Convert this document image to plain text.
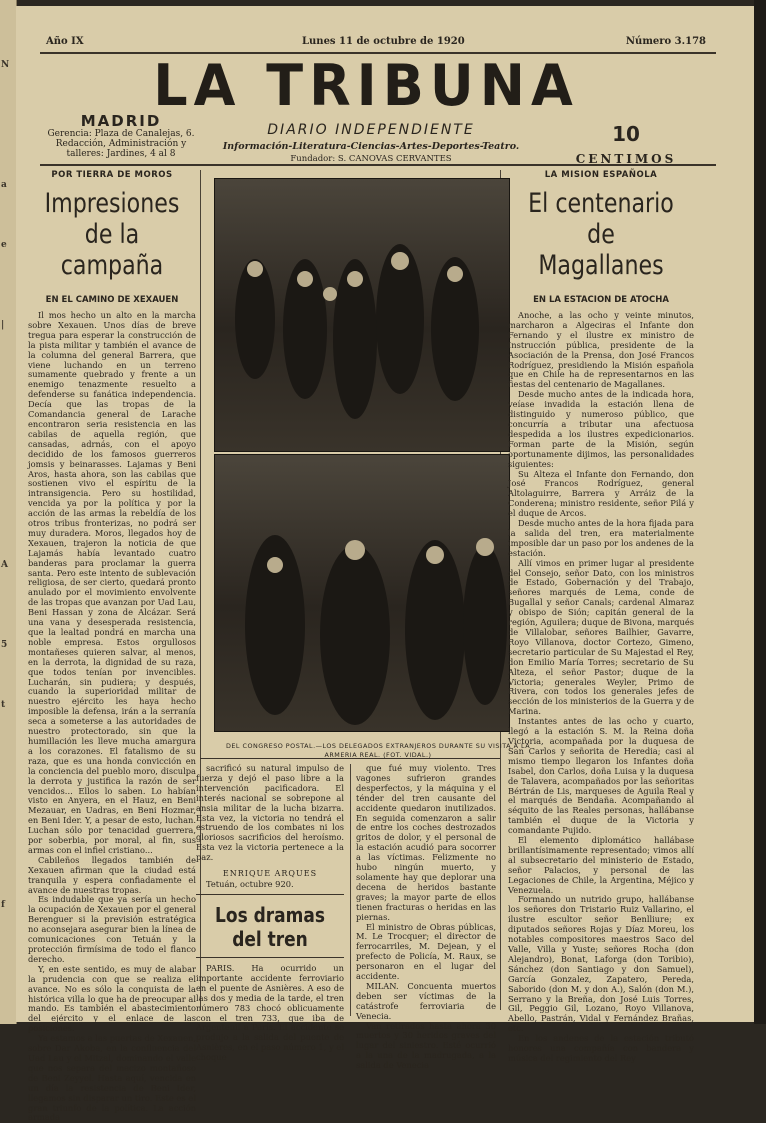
N
a
e
|
A
5
t
f
Año IX	Lunes 11 de octubre de 1920	Número 3.178
LA TRIBUNA
MADRID
Gerencia: Plaza de Canalejas, 6. Redacción, Administración y talleres: Jardines, 4 al 8
DIARIO INDEPENDIENTE
Información-Literatura-Ciencias-Artes-Deportes-Teatro.
Fundador: S. CANOVAS CERVANTES
10
CENTIMOS
POR TIERRA DE MOROS
Impresiones de la campaña
EN EL CAMINO DE XEXAUEN

Il mos hecho un alto en la marcha sobre Xexauen. Unos días de breve tregua para esperar la construcción de la pista militar y también el avance de la columna del general Barrera, que viene luchando en un terreno sumamente quebrado y frente a un enemigo tenazmente resuelto a defenderse su fanática independencia. Decía que las tropas de la Comandancia general de Larache encontraron seria resistencia en las cabilas de aquella región, que cansadas, adrnás, con el apoyo decidido de los famosos guerreros jomsis y beinarasses. Lajamas y Beni Aros, hasta ahora, son las cabilas que sostienen vivo el espíritu de la intransigencia. Pero su hostilidad, vencida ya por la política y por la acción de las armas la rebeldía de los otros tribus fronterizas, no podrá ser muy duradera. Moros, llegados hoy de Xexauen, trajeron la noticia de que Lajamás había levantado cuatro banderas para proclamar la guerra santa. Pero este intento de sublevación religiosa, de ser cierto, quedará pronto anulado por el movimiento envolvente de las tropas que avanzan por Uad Lau, Beni Hassan y zona de Alcázar. Será una vana y desesperada resistencia, que la lealtad pondrá en marcha una noble empresa. Estos orgullosos montañeses quieren salvar, al menos, en la derrota, la dignidad de su raza, que todos tenían por invencibles. Lucharán, sin pudiera; y después, cuando la superioridad militar de nuestro ejército les haya hecho imposible la defensa, irán a la serranía seca a someterse a las autoridades de nuestro protectorado, sin que la humillación les lleve mucha amargura a los corazones. El fatalismo de su raza, que es una honda convicción en la conciencia del pueblo moro, disculpa la derrota y justifica la razón de ser vencidos... Ellos lo saben. Lo habían visto en Anyera, en el Hauz, en Beni Mezauar, en Uadras, en Beni Hozmar, en Beni Ider. Y, a pesar de esto, luchan. Luchan sólo por tenacidad guerrera, por soberbia, por moral, al fin, sus armas con el infiel cristiano...

Cabileños llegados también de Xexauen afirman que la ciudad está tranquila y espera confiadamente el avance de nuestras tropas.

Es indudable que ya sería un hecho la ocupación de Xexauen por el general Berenguer si la previsión estratégica no aconsejara asegurar bien la línea de comunicaciones con Tetuán y la protección firmísima de todo el flanco derecho.

Y, en este sentido, es muy de alabar la prudencia con que se realiza el avance. No es sólo la conquista de la histórica villa lo que ha de preocupar al mando. Es también el abastecimiento del ejército y el enlace de las posiciones.

Ya estamos a las puertas de Xexauen, sobre Dar Akoba, en la confluencia del Uad Lau y el Mitzal, dominando el valle que nos separa del macizo montañoso de Beni Zeyyel. Hasta aquí, vencida en un día la resistencia de Beni Ider, llegamos sin disparar un tiro. Este es el gran triunfo de la política. La acción armada

DEL CONGRESO POSTAL.—LOS DELEGADOS EXTRANJEROS DURANTE SU VISITA A LA ARMERIA REAL. (FOT. VIDAL.)

sacrificó su natural impulso de fuerza y dejó el paso libre a la intervención pacificadora. El interés nacional se sobrepone al ansia militar de la lucha bizarra. Esta vez, la victoria no tendrá el estruendo de los combates ni los gloriosos sacrificios del heroísmo. Esta vez la victoria pertenece a la paz.

ENRIQUE ARQUES

Tetuán, octubre 920.

Los dramas del tren

PARIS. Ha ocurrido un importante accidente ferroviario en el puente de Asnières. A eso de las dos y media de la tarde, el tren número 783 chocó oblicuamente con el tren 733, que iba de Argenteuil a París. El accidente se produjo a la salida del puente de Asnières, en el paso número 1, y el choque

que fué muy violento. Tres vagones sufrieron grandes desperfectos, y la máquina y el ténder del tren causante del accidente quedaron inutilizados. En seguida comenzaron a salir de entre los coches destrozados gritos de dolor, y el personal de la estación acudió para socorrer a las víctimas. Felizmente no hubo ningún muerto, y solamente hay que deplorar una decena de heridos bastante graves; la mayor parte de ellos tienen fracturas o heridas en las piernas.

El ministro de Obras públicas, M. Le Trocquer; el director de ferrocarriles, M. Dejean, y el prefecto de Policía, M. Raux, se personaron en el lugar del accidente.

MILAN. Concuenta muertos deben ser víctimas de la catástrofe ferroviaria de Venecia.

Van retirados hasta ahora 30 muertos y 30 heridos graves del lugar del siniestro. Esté ocurrió a la una de la madrugada, a la salida de Venecia

LA MISION ESPAÑOLA
El centenario de Magallanes
EN LA ESTACION DE ATOCHA

Anoche, a las ocho y veinte minutos, marcharon a Algeciras el Infante don Fernando y el ilustre ex ministro de Instrucción pública, presidente de la Asociación de la Prensa, don José Francos Rodríguez, presidiendo la Misión española que en Chile ha de representarnos en las fiestas del centenario de Magallanes.

Desde mucho antes de la indicada hora, veíase invadida la estación llena de distinguido y numeroso público, que concurría a tributar una afectuosa despedida a los ilustres expedicionarios. Forman parte de la Misión, según oportunamente dijimos, las personalidades siguientes:

Su Alteza el Infante don Fernando, don José Francos Rodríguez, general Altolaguirre, Barrera y Arráiz de la Conderena; ministro residente, señor Pilá y el duque de Arcos.

Desde mucho antes de la hora fijada para la salida del tren, era materialmente imposible dar un paso por los andenes de la estación.

Allí vimos en primer lugar al presidente del Consejo, señor Dato, con los ministros de Estado, Gobernación y del Trabajo, señores marqués de Lema, conde de Bugallal y señor Canals; cardenal Almaraz y obispo de Sión; capitán general de la región, Aguilera; duque de Bivona, marqués de Villalobar, señores Bailhier, Gavarre, Royo Villanova, doctor Cortezo, Gimeno, secretario particular de Su Majestad el Rey, don Emilio María Torres; secretario de Su Alteza, el señor Pastor; duque de la Victoria; generales Weyler, Primo de Rivera, con todos los generales jefes de sección de los ministerios de la Guerra y de Marina.

Instantes antes de las ocho y cuarto, llegó a la estación S. M. la Reina doña Victoria, acompañada por la duquesa de San Carlos y señorita de Heredia; casi al mismo tiempo llegaron los Infantes doña Isabel, don Carlos, doña Luisa y la duquesa de Talavera, acompañados por las señoritas Bértrán de Lis, marqueses de Aguila Real y el marqués de Bendaña. Acompañando al séquito de las Reales personas, hallábanse también el duque de la Victoria y comandante Pujido.

El elemento diplomático hallábase brillantísimamente representado; vimos allí al subsecretario del ministerio de Estado, señor Palacios, y personal de las Legaciones de Chile, la Argentina, Méjico y Venezuela.

Formando un nutrido grupo, hallábanse los señores don Tristario Ruiz Vallarino, el ilustre escultor señor Benlliure; ex diputados señores Rojas y Díaz Moreu, los notables compositores maestros Saco del Valle, Villa y Yuste; señores Rocha (don Alejandro), Bonat, Laforga (don Toribio), Sánchez (don Santiago y don Samuel), García Gonzalez, Zapatero, Pereda, Saborido (don M. y don A.), Salón (don M.), Serrano y la Breña, don José Luis Torres, Gil, Peggio Gil, Lozano, Royo Villanova, Abello, Pastrán, Vidal y Fernández Brañas, etc.

En los andenes de la estación tributó honores una compañía con bandera y música del regimiento del Rey
